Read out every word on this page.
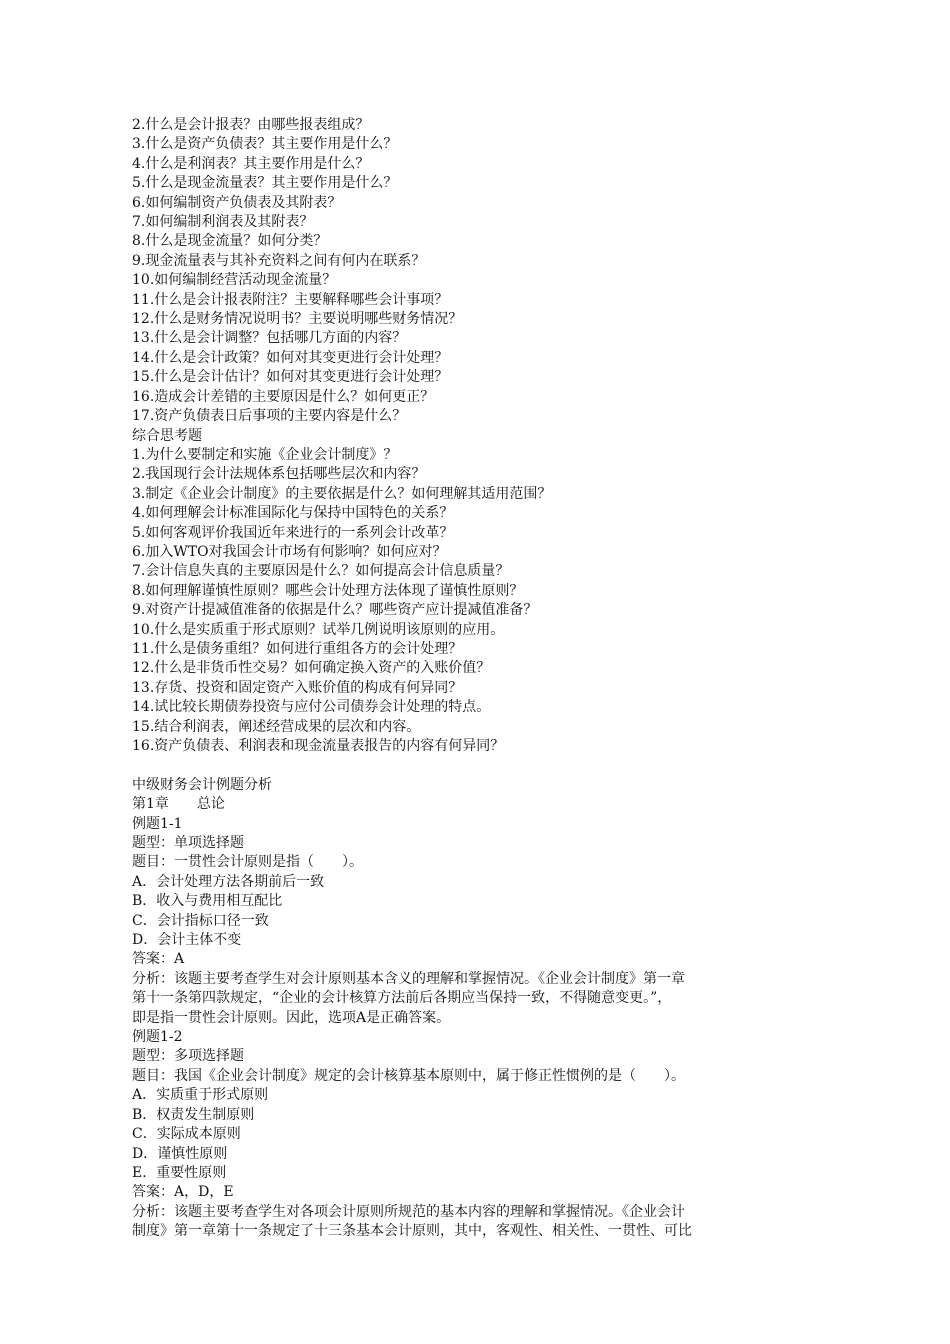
2.什么是会计报表？由哪些报表组成？

3.什么是资产负债表？其主要作用是什么？

4.什么是利润表？其主要作用是什么？

5.什么是现金流量表？其主要作用是什么？

6.如何编制资产负债表及其附表？

7.如何编制利润表及其附表？

8.什么是现金流量？如何分类？

9.现金流量表与其补充资料之间有何内在联系？

10.如何编制经营活动现金流量？

11.什么是会计报表附注？主要解释哪些会计事项？

12.什么是财务情况说明书？主要说明哪些财务情况？

13.什么是会计调整？包括哪几方面的内容？

14.什么是会计政策？如何对其变更进行会计处理？

15.什么是会计估计？如何对其变更进行会计处理？

16.造成会计差错的主要原因是什么？如何更正？

17.资产负债表日后事项的主要内容是什么？

综合思考题

1.为什么要制定和实施《企业会计制度》？

2.我国现行会计法规体系包括哪些层次和内容？

3.制定《企业会计制度》的主要依据是什么？如何理解其适用范围？

4.如何理解会计标准国际化与保持中国特色的关系？

5.如何客观评价我国近年来进行的一系列会计改革？

6.加入WTO对我国会计市场有何影响？如何应对？

7.会计信息失真的主要原因是什么？如何提高会计信息质量？

8.如何理解谨慎性原则？哪些会计处理方法体现了谨慎性原则？

9.对资产计提减值准备的依据是什么？哪些资产应计提减值准备？

10.什么是实质重于形式原则？试举几例说明该原则的应用。

11.什么是债务重组？如何进行重组各方的会计处理？

12.什么是非货币性交易？如何确定换入资产的入账价值？

13.存货、投资和固定资产入账价值的构成有何异同？

14.试比较长期债券投资与应付公司债券会计处理的特点。

15.结合利润表，阐述经营成果的层次和内容。

16.资产负债表、利润表和现金流量表报告的内容有何异同？

中级财务会计例题分析

第1章　　总论

例题1-1

题型：单项选择题

题目：一贯性会计原则是指（　　）。

A．会计处理方法各期前后一致

B．收入与费用相互配比

C．会计指标口径一致

D．会计主体不变

答案：A

分析：该题主要考查学生对会计原则基本含义的理解和掌握情况。《企业会计制度》第一章

第十一条第四款规定，“企业的会计核算方法前后各期应当保持一致，不得随意变更。”，

即是指一贯性会计原则。因此，选项A是正确答案。

例题1-2

题型：多项选择题

题目：我国《企业会计制度》规定的会计核算基本原则中，属于修正性惯例的是（　　）。

A．实质重于形式原则

B．权责发生制原则

C．实际成本原则

D．谨慎性原则

E．重要性原则

答案：A，D，E

分析：该题主要考查学生对各项会计原则所规范的基本内容的理解和掌握情况。《企业会计

制度》第一章第十一条规定了十三条基本会计原则，其中，客观性、相关性、一贯性、可比
